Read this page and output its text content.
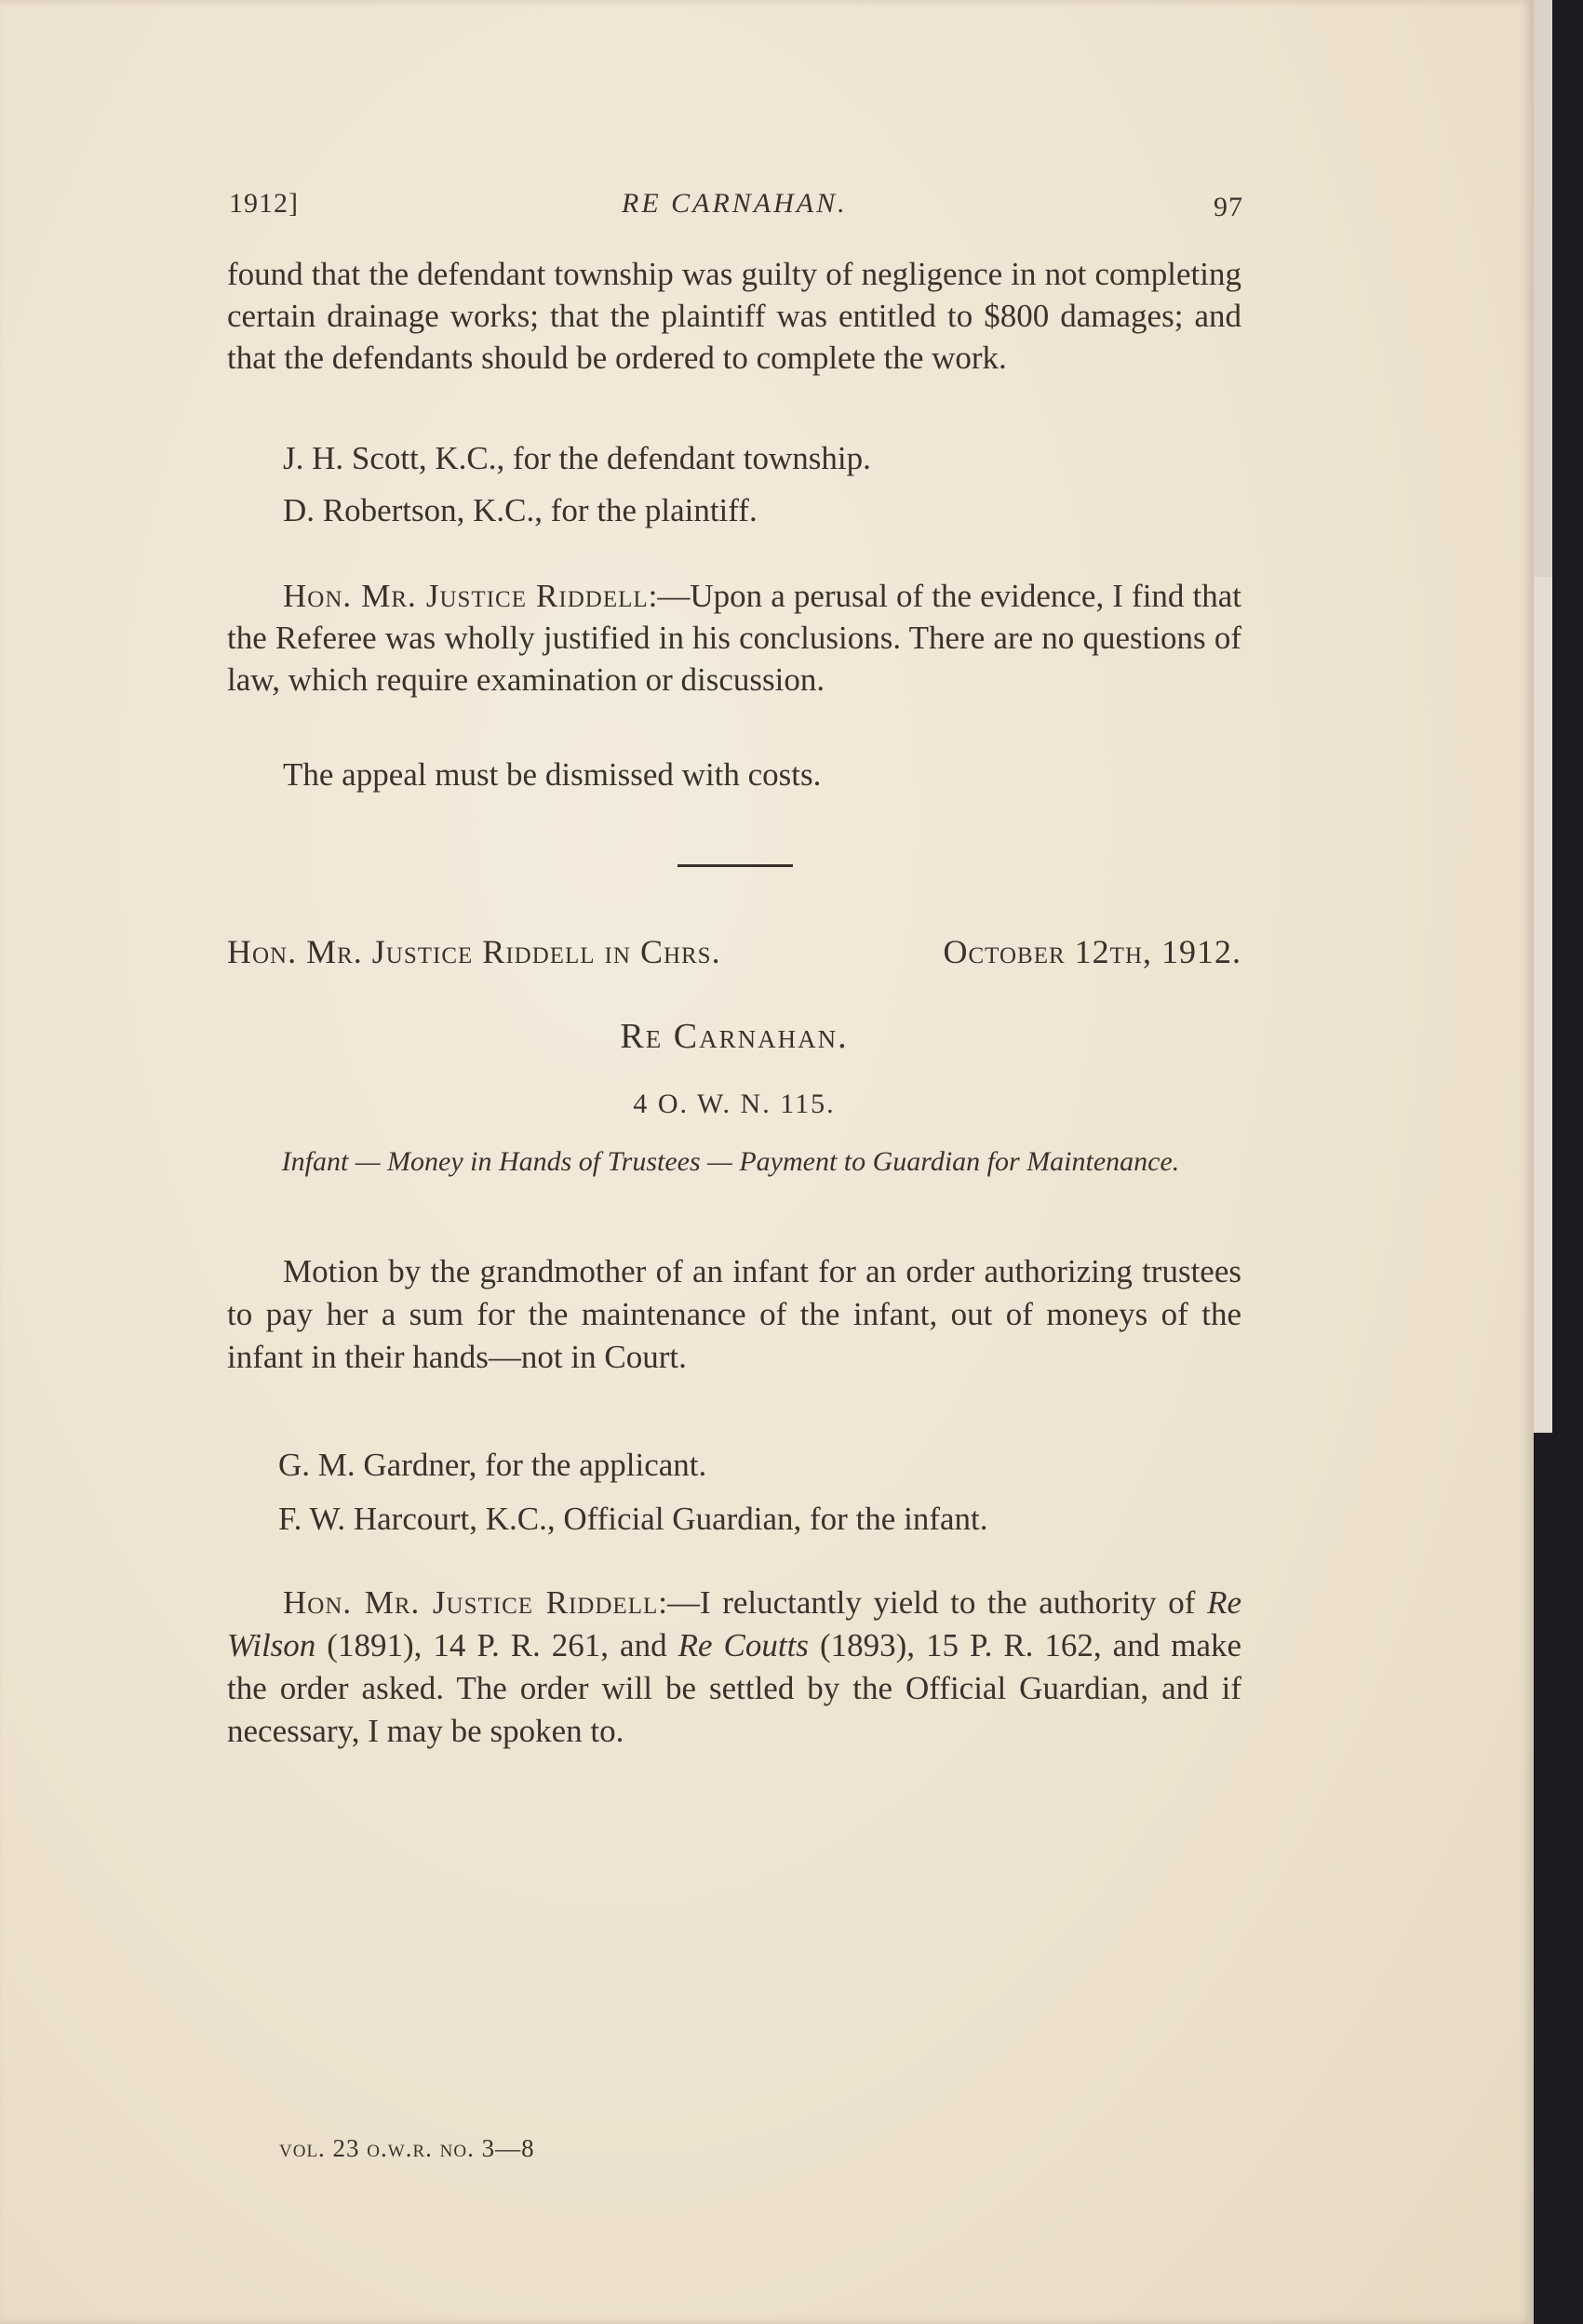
1912]	RE CARNAHAN.	97

found that the defendant township was guilty of negligence in not completing certain drainage works; that the plaintiff was entitled to $800 damages; and that the defendants should be ordered to complete the work.

J. H. Scott, K.C., for the defendant township.

D. Robertson, K.C., for the plaintiff.

Hon. Mr. Justice Riddell:—Upon a perusal of the evidence, I find that the Referee was wholly justified in his conclusions. There are no questions of law, which require examination or discussion.

The appeal must be dismissed with costs.

Hon. Mr. Justice Riddell in Chrs.	October 12th, 1912.
Re Carnahan.
4 O. W. N. 115.
Infant — Money in Hands of Trustees — Payment to Guardian for Maintenance.

Motion by the grandmother of an infant for an order authorizing trustees to pay her a sum for the maintenance of the infant, out of moneys of the infant in their hands—not in Court.

G. M. Gardner, for the applicant.

F. W. Harcourt, K.C., Official Guardian, for the infant.

Hon. Mr. Justice Riddell:—I reluctantly yield to the authority of Re Wilson (1891), 14 P. R. 261, and Re Coutts (1893), 15 P. R. 162, and make the order asked. The order will be settled by the Official Guardian, and if necessary, I may be spoken to.

vol. 23 o.w.r. no. 3—8
